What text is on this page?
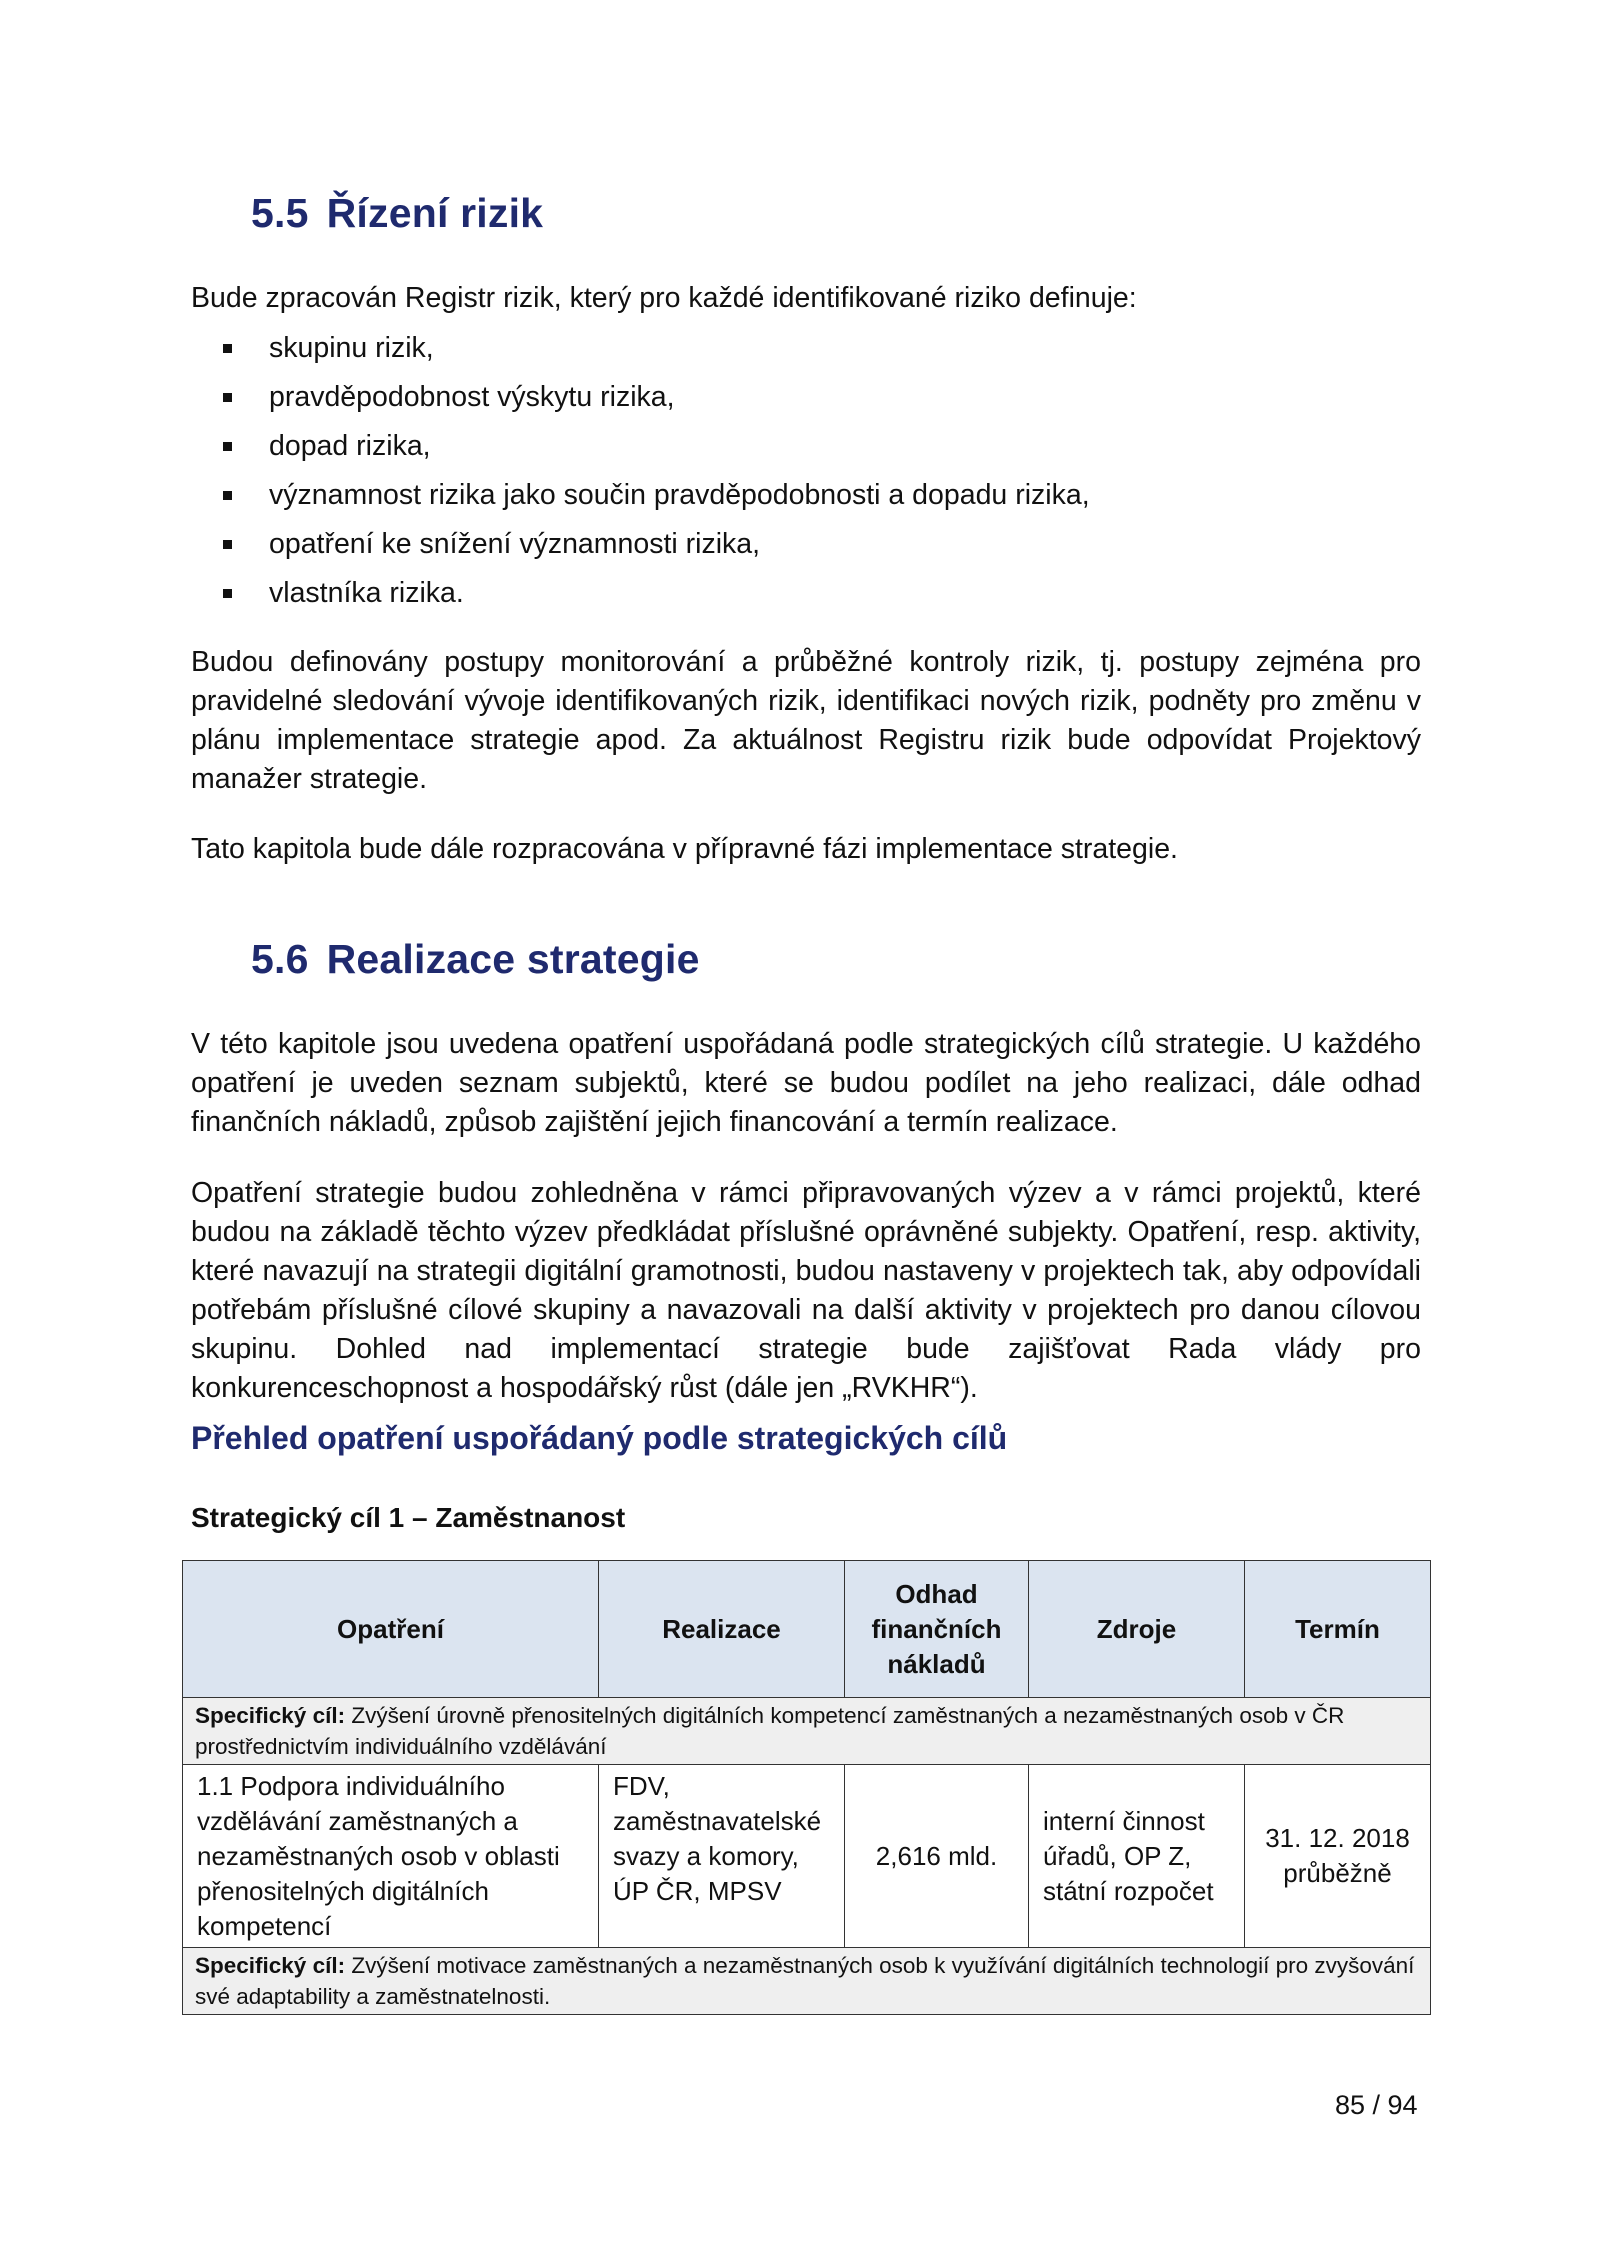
5.5 Řízení rizik

Bude zpracován Registr rizik, který pro každé identifikované riziko definuje:

skupinu rizik,
pravděpodobnost výskytu rizika,
dopad rizika,
významnost rizika jako součin pravděpodobnosti a dopadu rizika,
opatření ke snížení významnosti rizika,
vlastníka rizika.

Budou definovány postupy monitorování a průběžné kontroly rizik, tj. postupy zejména pro pravidelné sledování vývoje identifikovaných rizik, identifikaci nových rizik, podněty pro změnu v plánu implementace strategie apod. Za aktuálnost Registru rizik bude odpovídat Projektový manažer strategie.

Tato kapitola bude dále rozpracována v přípravné fázi implementace strategie.

5.6 Realizace strategie

V této kapitole jsou uvedena opatření uspořádaná podle strategických cílů strategie. U každého opatření je uveden seznam subjektů, které se budou podílet na jeho realizaci, dále odhad finančních nákladů, způsob zajištění jejich financování a termín realizace.

Opatření strategie budou zohledněna v rámci připravovaných výzev a v rámci projektů, které budou na základě těchto výzev předkládat příslušné oprávněné subjekty. Opatření, resp. aktivity, které navazují na strategii digitální gramotnosti, budou nastaveny v projektech tak, aby odpovídali potřebám příslušné cílové skupiny a navazovali na další aktivity v projektech pro danou cílovou skupinu. Dohled nad implementací strategie bude zajišťovat Rada vlády pro konkurenceschopnost a hospodářský růst (dále jen „RVKHR“).

Přehled opatření uspořádaný podle strategických cílů
Strategický cíl 1 – Zaměstnanost
Opatření	Realizace	Odhad finančních nákladů	Zdroje	Termín
Specifický cíl: Zvýšení úrovně přenositelných digitálních kompetencí zaměstnaných a nezaměstnaných osob v ČR prostřednictvím individuálního vzdělávání				
1.1 Podpora individuálního vzdělávání zaměstnaných a nezaměstnaných osob v oblasti přenositelných digitálních kompetencí	FDV, zaměstnavatelské svazy a komory, ÚP ČR, MPSV	2,616 mld.	interní činnost úřadů, OP Z, státní rozpočet	31. 12. 2018 průběžně
Specifický cíl: Zvýšení motivace zaměstnaných a nezaměstnaných osob k využívání digitálních technologií pro zvyšování své adaptability a zaměstnatelnosti.				
85 / 94
